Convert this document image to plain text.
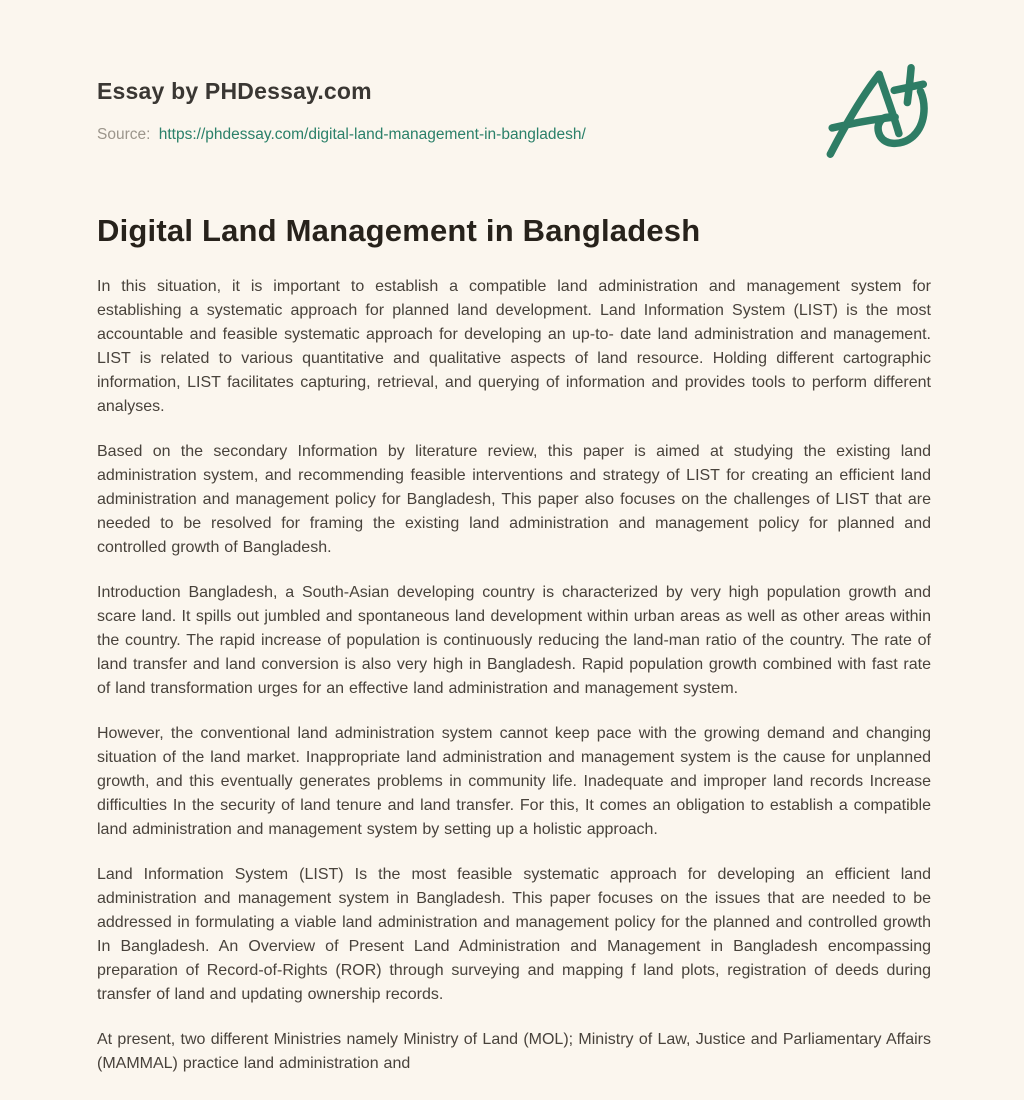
Essay by PHDessay.com
Source: https://phdessay.com/digital-land-management-in-bangladesh/
Digital Land Management in Bangladesh

In this situation, it is important to establish a compatible land administration and management system for establishing a systematic approach for planned land development. Land Information System (LIST) is the most accountable and feasible systematic approach for developing an up-to- date land administration and management. LIST is related to various quantitative and qualitative aspects of land resource. Holding different cartographic information, LIST facilitates capturing, retrieval, and querying of information and provides tools to perform different analyses.

Based on the secondary Information by literature review, this paper is aimed at studying the existing land administration system, and recommending feasible interventions and strategy of LIST for creating an efficient land administration and management policy for Bangladesh, This paper also focuses on the challenges of LIST that are needed to be resolved for framing the existing land administration and management policy for planned and controlled growth of Bangladesh.

Introduction Bangladesh, a South-Asian developing country is characterized by very high population growth and scare land. It spills out jumbled and spontaneous land development within urban areas as well as other areas within the country. The rapid increase of population is continuously reducing the land-man ratio of the country. The rate of land transfer and land conversion is also very high in Bangladesh. Rapid population growth combined with fast rate of land transformation urges for an effective land administration and management system.

However, the conventional land administration system cannot keep pace with the growing demand and changing situation of the land market. Inappropriate land administration and management system is the cause for unplanned growth, and this eventually generates problems in community life. Inadequate and improper land records Increase difficulties In the security of land tenure and land transfer. For this, It comes an obligation to establish a compatible land administration and management system by setting up a holistic approach.

Land Information System (LIST) Is the most feasible systematic approach for developing an efficient land administration and management system in Bangladesh. This paper focuses on the issues that are needed to be addressed in formulating a viable land administration and management policy for the planned and controlled growth In Bangladesh. An Overview of Present Land Administration and Management in Bangladesh encompassing preparation of Record-of-Rights (ROR) through surveying and mapping f land plots, registration of deeds during transfer of land and updating ownership records.

At present, two different Ministries namely Ministry of Land (MOL); Ministry of Law, Justice and Parliamentary Affairs (MAMMAL) practice land administration and
